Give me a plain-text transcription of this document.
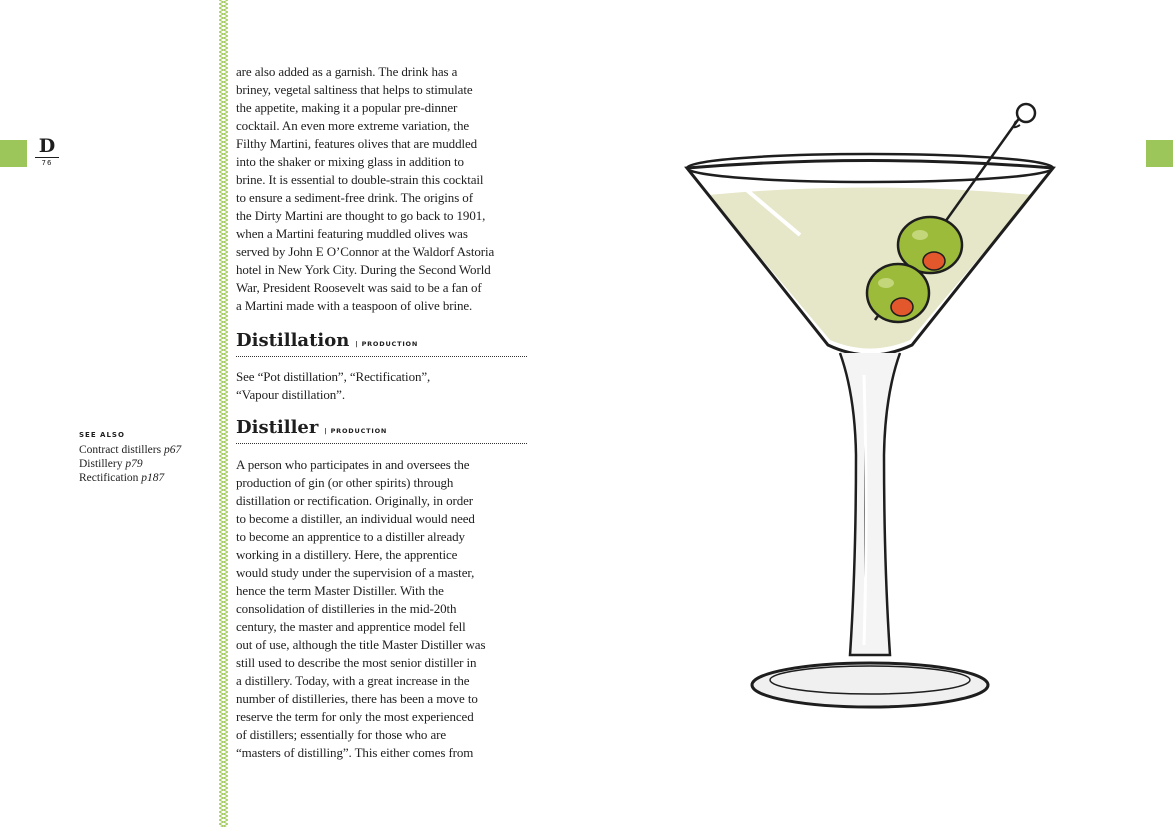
D
76
SEE ALSO
Contract distillers p67
Distillery p79
Rectification p187

are also added as a garnish. The drink has a
briney, vegetal saltiness that helps to stimulate
the appetite, making it a popular pre-dinner
cocktail. An even more extreme variation, the
Filthy Martini, features olives that are muddled
into the shaker or mixing glass in addition to
brine. It is essential to double-strain this cocktail
to ensure a sediment-free drink. The origins of
the Dirty Martini are thought to go back to 1901,
when a Martini featuring muddled olives was
served by John E O’Connor at the Waldorf Astoria
hotel in New York City. During the Second World
War, President Roosevelt was said to be a fan of
a Martini made with a teaspoon of olive brine.

Distillation | PRODUCTION

See “Pot distillation”, “Rectification”,
“Vapour distillation”.

Distiller | PRODUCTION

A person who participates in and oversees the
production of gin (or other spirits) through
distillation or rectification. Originally, in order
to become a distiller, an individual would need
to become an apprentice to a distiller already
working in a distillery. Here, the apprentice
would study under the supervision of a master,
hence the term Master Distiller. With the
consolidation of distilleries in the mid-20th
century, the master and apprentice model fell
out of use, although the title Master Distiller was
still used to describe the most senior distiller in
a distillery. Today, with a great increase in the
number of distilleries, there has been a move to
reserve the term for only the most experienced
of distillers; essentially for those who are
“masters of distilling”. This either comes from
